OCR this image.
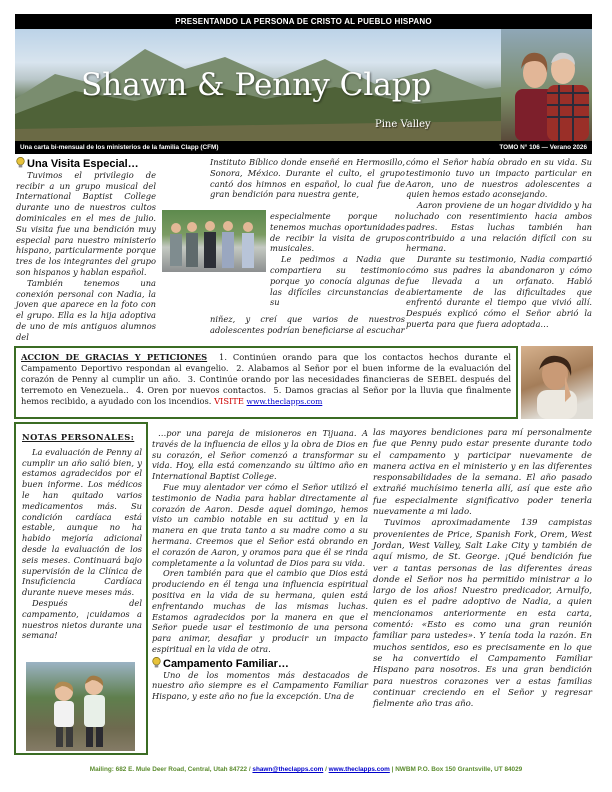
PRESENTANDO LA PERSONA DE CRISTO AL PUEBLO HISPANO
Shawn & Penny Clapp
Pine Valley
Una carta bi-mensual de los ministerios de la familia Clapp (CFM)	TOMO N° 106 — Verano 2026
Una Visita Especial…

Tuvimos el privilegio de recibir a un grupo musical del International Baptist College durante uno de nuestros cultos dominicales en el mes de julio. Su visita fue una bendición muy especial para nuestro ministerio hispano, particularmente porque tres de los integrantes del grupo son hispanos y hablan español.

También tenemos una conexión personal con Nadia, la joven que aparece en la foto con el grupo. Ella es la hija adoptiva de uno de mis antiguos alumnos del

Instituto Bíblico donde enseñé en Hermosillo, Sonora, México. Durante el culto, el grupo cantó dos himnos en español, lo cual fue de gran bendición para nuestra gente,

especialmente porque no tenemos muchas oportunidades de recibir la visita de grupos musicales.

Le pedimos a Nadia que compartiera su testimonio porque yo conocía algunas de las difíciles circunstancias de su

niñez, y creí que varios de nuestros adolescentes podrían beneficiarse al escuchar

cómo el Señor había obrado en su vida. Su testimonio tuvo un impacto particular en Aaron, uno de nuestros adolescentes a quien hemos estado aconsejando.

Aaron proviene de un hogar dividido y ha luchado con resentimiento hacia ambos padres. Estas luchas también han contribuido a una relación difícil con su hermana.

Durante su testimonio, Nadia compartió cómo sus padres la abandonaron y cómo fue llevada a un orfanato. Habló abiertamente de las dificultades que enfrentó durante el tiempo que vivió allí. Después explicó cómo el Señor abrió la puerta para que fuera adoptada…

ACCION DE GRACIAS Y PETICIONES 1. Continúen orando para que los contactos hechos durante el Campamento Deportivo respondan al evangelio. 2. Alabamos al Señor por el buen informe de la evaluación del corazón de Penny al cumplir un año. 3. Continúe orando por las necesidades financieras de SEBEL después del terremoto en Venezuela.. 4. Oren por nuevos contactos. 5. Damos gracias al Señor por la lluvia que finalmente hemos recibido, a ayudado con los incendios. VISITE www.theclapps.com
NOTAS PERSONALES:

La evaluación de Penny al cumplir un año salió bien, y estamos agradecidos por el buen informe. Los médicos le han quitado varios medicamentos más. Su condición cardíaca está estable, aunque no ha habido mejoría adicional desde la evaluación de los seis meses. Continuará bajo supervisión de la Clínica de Insuficiencia Cardíaca durante nueve meses más.

Después del campamento, ¡cuidamos a nuestros nietos durante una semana!

…por una pareja de misioneros en Tijuana. A través de la influencia de ellos y la obra de Dios en su corazón, el Señor comenzó a transformar su vida. Hoy, ella está comenzando su último año en International Baptist College.

Fue muy alentador ver cómo el Señor utilizó el testimonio de Nadia para hablar directamente al corazón de Aaron. Desde aquel domingo, hemos visto un cambio notable en su actitud y en la manera en que trata tanto a su madre como a su hermana. Creemos que el Señor está obrando en el corazón de Aaron, y oramos para que él se rinda completamente a la voluntad de Dios para su vida.

Oren también para que el cambio que Dios está produciendo en él tenga una influencia espiritual positiva en la vida de su hermana, quien está enfrentando muchas de las mismas luchas. Estamos agradecidos por la manera en que el Señor puede usar el testimonio de una persona para animar, desafiar y producir un impacto espiritual en la vida de otra.

Campamento Familiar…

Uno de los momentos más destacados de nuestro año siempre es el Campamento Familiar Hispano, y este año no fue la excepción. Una de

las mayores bendiciones para mí personalmente fue que Penny pudo estar presente durante todo el campamento y participar nuevamente de manera activa en el ministerio y en las diferentes responsabilidades de la semana. El año pasado extrañé muchísimo tenerla allí, así que este año fue especialmente significativo poder tenerla nuevamente a mi lado.

Tuvimos aproximadamente 139 campistas provenientes de Price, Spanish Fork, Orem, West Jordan, West Valley, Salt Lake City y también de aquí mismo, de St. George. ¡Qué bendición fue ver a tantas personas de las diferentes áreas donde el Señor nos ha permitido ministrar a lo largo de los años! Nuestro predicador, Arnulfo, quien es el padre adoptivo de Nadia, a quien mencionamos anteriormente en esta carta, comentó: «Esto es como una gran reunión familiar para ustedes». Y tenía toda la razón. En muchos sentidos, eso es precisamente en lo que se ha convertido el Campamento Familiar Hispano para nosotros. Es una gran bendición para nuestros corazones ver a estas familias continuar creciendo en el Señor y regresar fielmente año tras año.

Mailing: 682 E. Mule Deer Road, Central, Utah 84722 / shawn@theclapps.com / www.theclapps.com | NWBM P.O. Box 150 Grantsville, UT 84029
